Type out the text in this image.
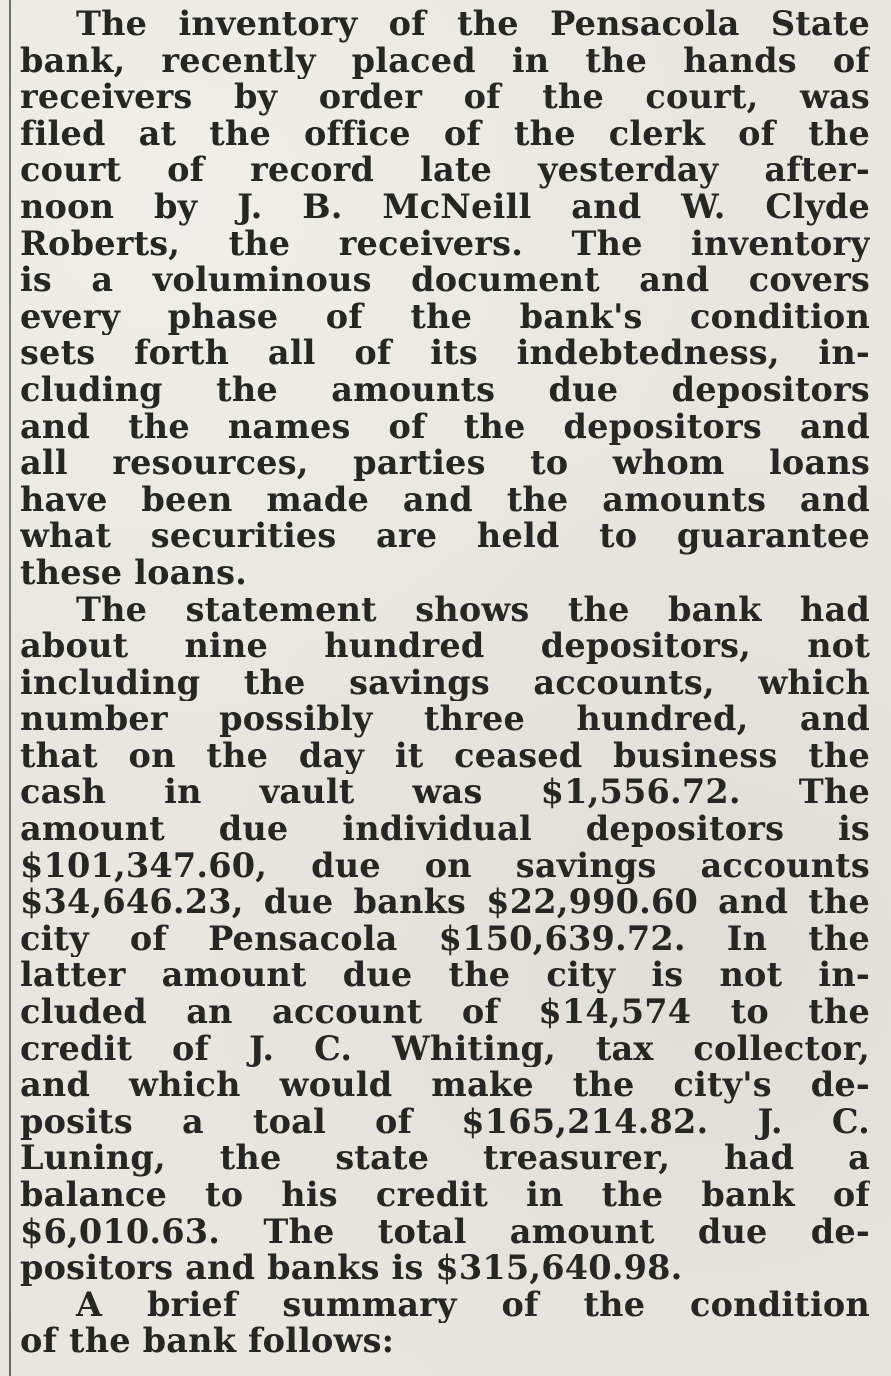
The inventory of the Pensacola State
bank, recently placed in the hands of
receivers by order of the court, was
filed at the office of the clerk of the
court of record late yesterday after-
noon by J. B. McNeill and W. Clyde
Roberts, the receivers. The inventory
is a voluminous document and covers
every phase of the bank's condition
sets forth all of its indebtedness, in-
cluding the amounts due depositors
and the names of the depositors and
all resources, parties to whom loans
have been made and the amounts and
what securities are held to guarantee
these loans.
The statement shows the bank had
about nine hundred depositors, not
including the savings accounts, which
number possibly three hundred, and
that on the day it ceased business the
cash in vault was $1,556.72. The
amount due individual depositors is
$101,347.60, due on savings accounts
$34,646.23, due banks $22,990.60 and the
city of Pensacola $150,639.72. In the
latter amount due the city is not in-
cluded an account of $14,574 to the
credit of J. C. Whiting, tax collector,
and which would make the city's de-
posits a toal of $165,214.82. J. C.
Luning, the state treasurer, had a
balance to his credit in the bank of
$6,010.63. The total amount due de-
positors and banks is $315,640.98.
A brief summary of the condition
of the bank follows:
